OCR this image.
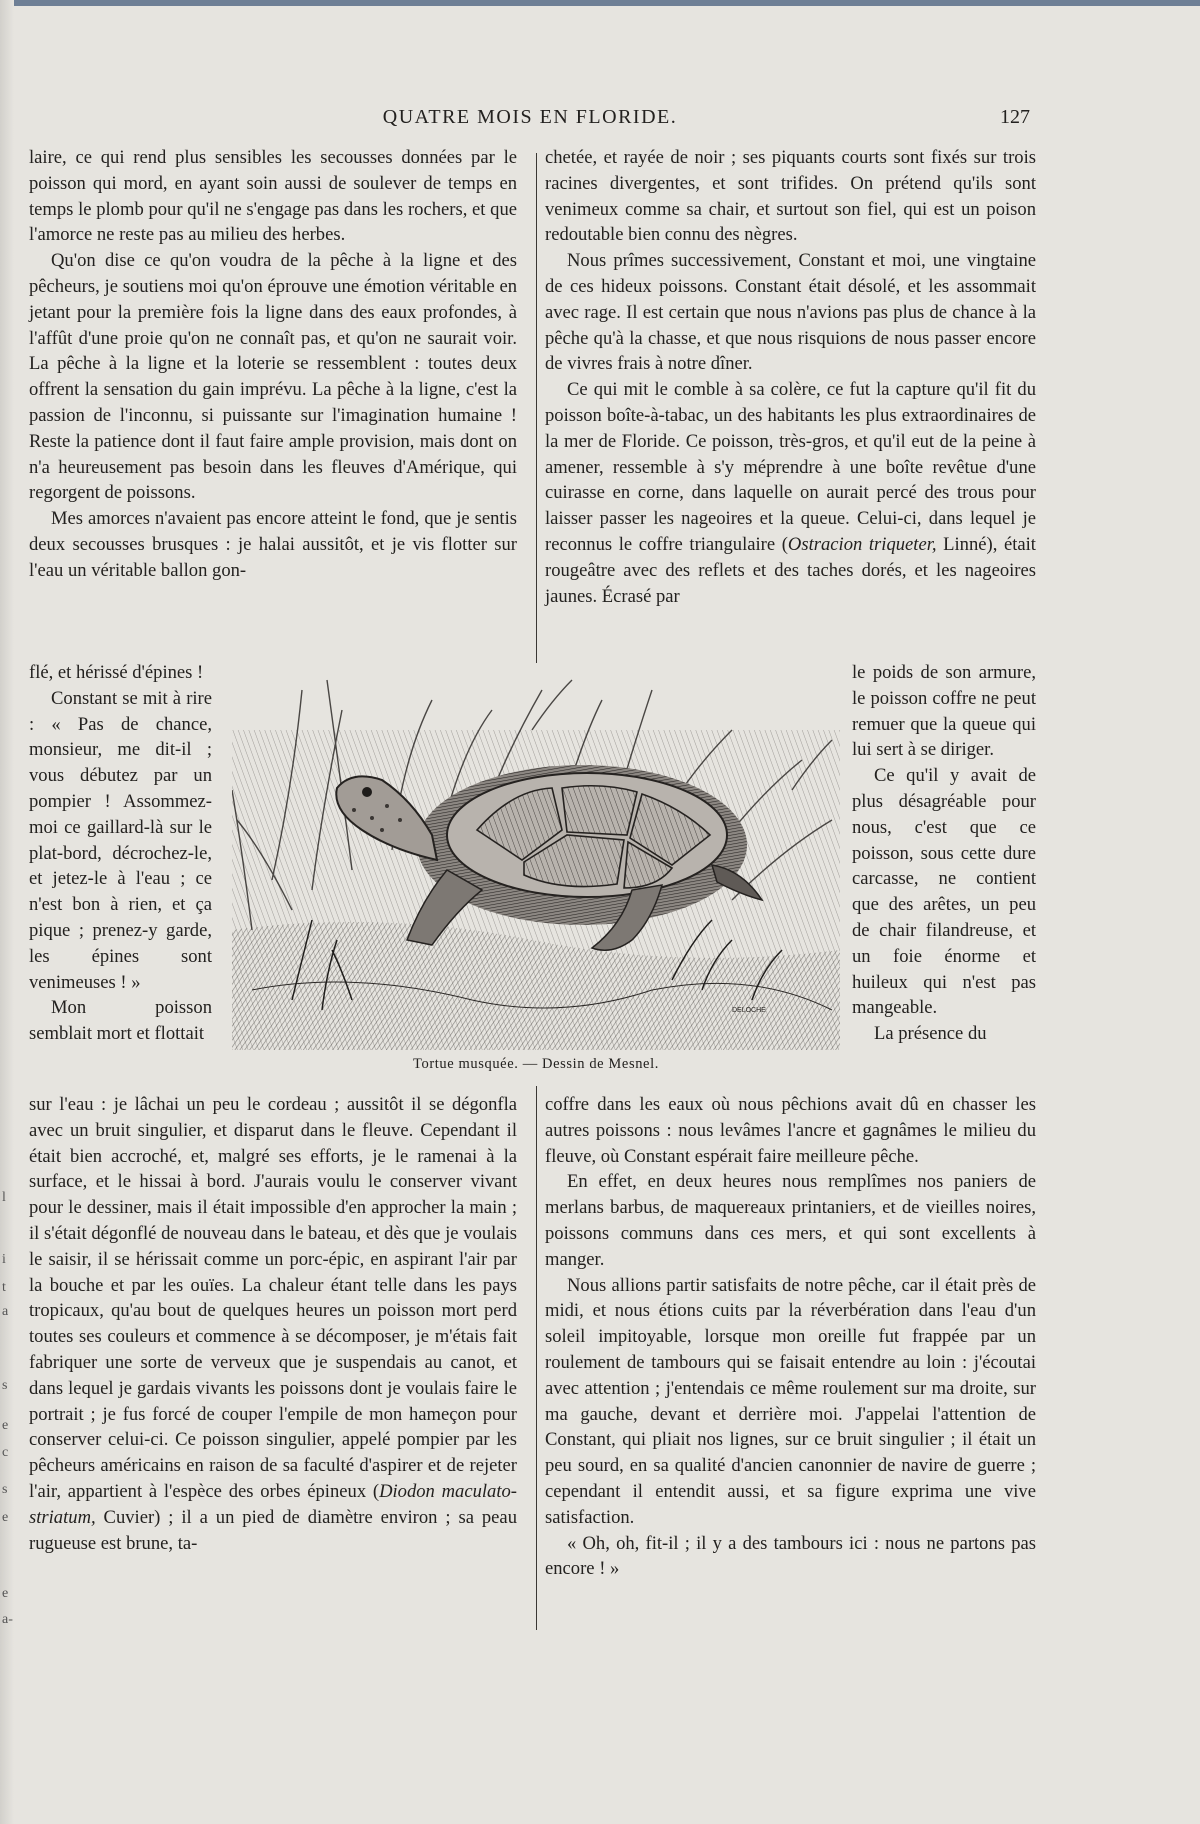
QUATRE MOIS EN FLORIDE.	127

laire, ce qui rend plus sensibles les secousses données par le poisson qui mord, en ayant soin aussi de soulever de temps en temps le plomb pour qu'il ne s'engage pas dans les rochers, et que l'amorce ne reste pas au milieu des herbes.

Qu'on dise ce qu'on voudra de la pêche à la ligne et des pêcheurs, je soutiens moi qu'on éprouve une émotion véritable en jetant pour la première fois la ligne dans des eaux profondes, à l'affût d'une proie qu'on ne connaît pas, et qu'on ne saurait voir. La pêche à la ligne et la loterie se ressemblent : toutes deux offrent la sensation du gain imprévu. La pêche à la ligne, c'est la passion de l'inconnu, si puissante sur l'imagination humaine ! Reste la patience dont il faut faire ample provision, mais dont on n'a heureusement pas besoin dans les fleuves d'Amérique, qui regorgent de poissons.

Mes amorces n'avaient pas encore atteint le fond, que je sentis deux secousses brusques : je halai aussitôt, et je vis flotter sur l'eau un véritable ballon gon-

chetée, et rayée de noir ; ses piquants courts sont fixés sur trois racines divergentes, et sont trifides. On prétend qu'ils sont venimeux comme sa chair, et surtout son fiel, qui est un poison redoutable bien connu des nègres.

Nous prîmes successivement, Constant et moi, une vingtaine de ces hideux poissons. Constant était désolé, et les assommait avec rage. Il est certain que nous n'avions pas plus de chance à la pêche qu'à la chasse, et que nous risquions de nous passer encore de vivres frais à notre dîner.

Ce qui mit le comble à sa colère, ce fut la capture qu'il fit du poisson boîte-à-tabac, un des habitants les plus extraordinaires de la mer de Floride. Ce poisson, très-gros, et qu'il eut de la peine à amener, ressemble à s'y méprendre à une boîte revêtue d'une cuirasse en corne, dans laquelle on aurait percé des trous pour laisser passer les nageoires et la queue. Celui-ci, dans lequel je reconnus le coffre triangulaire (Ostracion triqueter, Linné), était rougeâtre avec des reflets et des taches dorés, et les nageoires jaunes. Écrasé par

flé, et hérissé d'épines !

Constant se mit à rire : « Pas de chance, monsieur, me dit-il ; vous débutez par un pompier ! Assommez-moi ce gaillard-là sur le plat-bord, décrochez-le, et jetez-le à l'eau ; ce n'est bon à rien, et ça pique ; prenez-y garde, les épines sont venimeuses ! »

Mon poisson semblait mort et flottait

DELOCHE
Tortue musquée. — Dessin de Mesnel.

le poids de son armure, le poisson coffre ne peut remuer que la queue qui lui sert à se diriger.

Ce qu'il y avait de plus désagréable pour nous, c'est que ce poisson, sous cette dure carcasse, ne contient que des arêtes, un peu de chair filandreuse, et un foie énorme et huileux qui n'est pas mangeable.

La présence du

sur l'eau : je lâchai un peu le cordeau ; aussitôt il se dégonfla avec un bruit singulier, et disparut dans le fleuve. Cependant il était bien accroché, et, malgré ses efforts, je le ramenai à la surface, et le hissai à bord. J'aurais voulu le conserver vivant pour le dessiner, mais il était impossible d'en approcher la main ; il s'était dégonflé de nouveau dans le bateau, et dès que je voulais le saisir, il se hérissait comme un porc-épic, en aspirant l'air par la bouche et par les ouïes. La chaleur étant telle dans les pays tropicaux, qu'au bout de quelques heures un poisson mort perd toutes ses couleurs et commence à se décomposer, je m'étais fait fabriquer une sorte de verveux que je suspendais au canot, et dans lequel je gardais vivants les poissons dont je voulais faire le portrait ; je fus forcé de couper l'empile de mon hameçon pour conserver celui-ci. Ce poisson singulier, appelé pompier par les pêcheurs américains en raison de sa faculté d'aspirer et de rejeter l'air, appartient à l'espèce des orbes épineux (Diodon maculato-striatum, Cuvier) ; il a un pied de diamètre environ ; sa peau rugueuse est brune, ta-

coffre dans les eaux où nous pêchions avait dû en chasser les autres poissons : nous levâmes l'ancre et gagnâmes le milieu du fleuve, où Constant espérait faire meilleure pêche.

En effet, en deux heures nous remplîmes nos paniers de merlans barbus, de maquereaux printaniers, et de vieilles noires, poissons communs dans ces mers, et qui sont excellents à manger.

Nous allions partir satisfaits de notre pêche, car il était près de midi, et nous étions cuits par la réverbération dans l'eau d'un soleil impitoyable, lorsque mon oreille fut frappée par un roulement de tambours qui se faisait entendre au loin : j'écoutai avec attention ; j'entendais ce même roulement sur ma droite, sur ma gauche, devant et derrière moi. J'appelai l'attention de Constant, qui pliait nos lignes, sur ce bruit singulier ; il était un peu sourd, en sa qualité d'ancien canonnier de navire de guerre ; cependant il entendit aussi, et sa figure exprima une vive satisfaction.

« Oh, oh, fit-il ; il y a des tambours ici : nous ne partons pas encore ! »

l
i
t
a
s
e
c
s
e
e
a-
